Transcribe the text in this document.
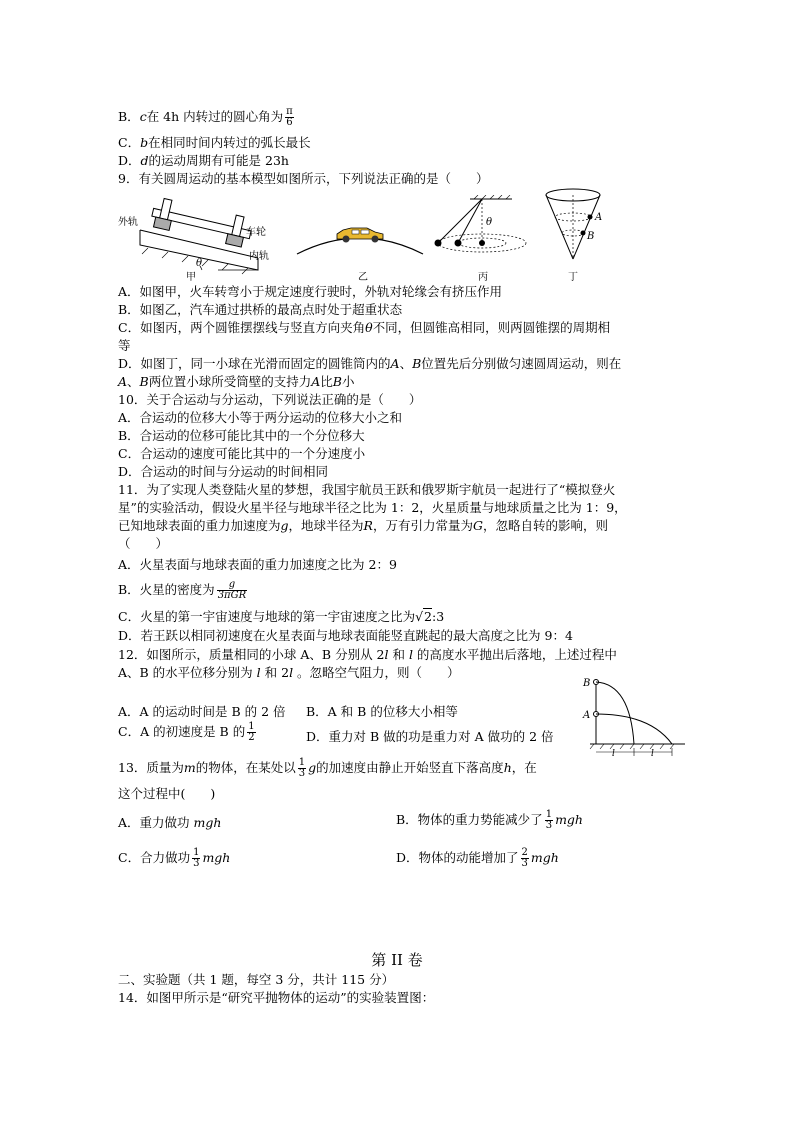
B．c在 4h 内转过的圆心角为 $\frac{\pi}{6}$
C．b在相同时间内转过的弧长最长
D．d的运动周期有可能是 23h
9．有关圆周运动的基本模型如图所示，下列说法正确的是（　　）
外轨
车轮
内轨
θ
甲	乙
θ
丙
A
B
丁
A．如图甲，火车转弯小于规定速度行驶时，外轨对轮缘会有挤压作用
B．如图乙，汽车通过拱桥的最高点时处于超重状态
C．如图丙，两个圆锥摆摆线与竖直方向夹角θ不同，但圆锥高相同，则两圆锥摆的周期相
等
D．如图丁，同一小球在光滑而固定的圆锥筒内的A、B位置先后分别做匀速圆周运动，则在
A、B两位置小球所受筒壁的支持力A比B小
10．关于合运动与分运动，下列说法正确的是（　　）
A．合运动的位移大小等于两分运动的位移大小之和
B．合运动的位移可能比其中的一个分位移大
C．合运动的速度可能比其中的一个分速度小
D．合运动的时间与分运动的时间相同
11．为了实现人类登陆火星的梦想，我国宇航员王跃和俄罗斯宇航员一起进行了“模拟登火
星”的实验活动，假设火星半径与地球半径之比为 1：2，火星质量与地球质量之比为 1：9，
已知地球表面的重力加速度为g，地球半径为R，万有引力常量为G，忽略自转的影响，则
（　　）
A．火星表面与地球表面的重力加速度之比为 2：9
B．火星的密度为 $\frac{g}{\text{3πGR}}$
C．火星的第一宇宙速度与地球的第一宇宙速度之比为√2:3
D．若王跃以相同初速度在火星表面与地球表面能竖直跳起的最大高度之比为 9：4
12．如图所示，质量相同的小球 A、B 分别从 2l 和 l 的高度水平抛出后落地，上述过程中
A、B 的水平位移分别为 l 和 2l 。忽略空气阻力，则（　　）
B
A
l	l
A．A 的运动时间是 B 的 2 倍 B．A 和 B 的位移大小相等
C．A 的初速度是 B 的 $\frac{1}{2}$	D．重力对 B 做的功是重力对 A 做功的 2 倍
13．质量为m的物体，在某处以 $\frac{1}{3}$ g的加速度由静止开始竖直下落高度h，在
这个过程中(　　)
A．重力做功 mgh	B．物体的重力势能减少了 $\frac{1}{3}$ mgh
C．合力做功 $\frac{1}{3}$ mgh	D．物体的动能增加了 $\frac{2}{3}$ mgh
第 II 卷
二、实验题（共 1 题，每空 3 分，共计 115 分）
14．如图甲所示是“研究平抛物体的运动”的实验装置图：
